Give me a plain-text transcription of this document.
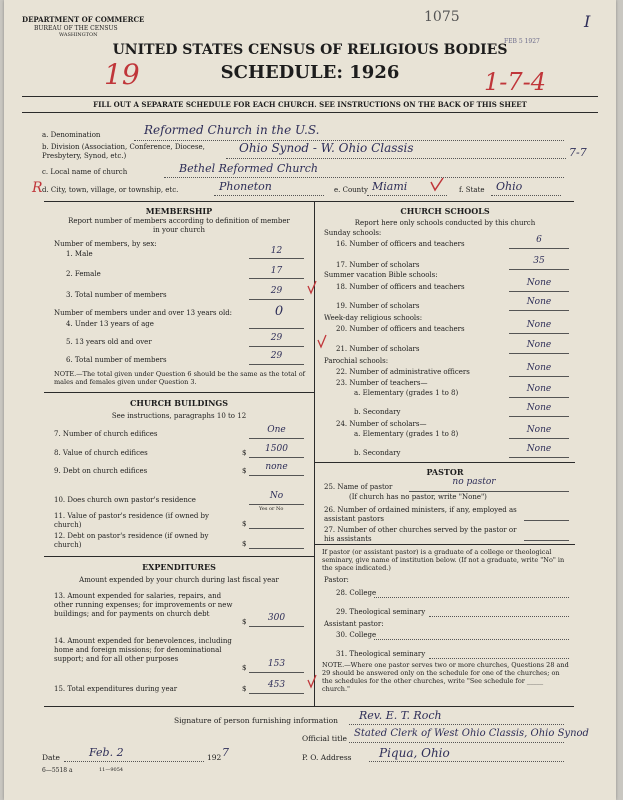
DEPARTMENT OF COMMERCE
BUREAU OF THE CENSUS
WASHINGTON
1075	I
FEB 5 1927
UNITED STATES CENSUS OF RELIGIOUS BODIES
SCHEDULE: 1926
19	1-7-4
FILL OUT A SEPARATE SCHEDULE FOR EACH CHURCH. SEE INSTRUCTIONS ON THE BACK OF THIS SHEET
a. Denomination	Reformed Church in the U.S.
b. Division (Association, Conference, Diocese, Presbytery, Synod, etc.)
Ohio Synod - W. Ohio Classis	7-7
c. Local name of church	Bethel Reformed Church
R d. City, town, village, or township, etc.	Phoneton	e. County Miami	f. State Ohio
MEMBERSHIP
Report number of members according to definition of member in your church
Number of members, by sex:
1. Male	12
2. Female	17
3. Total number of members	29
Number of members under and over 13 years old:	0
4. Under 13 years of age
5. 13 years old and over	29
6. Total number of members	29
NOTE.—The total given under Question 6 should be the same as the total of males and females given under Question 3.
CHURCH BUILDINGS
See instructions, paragraphs 10 to 12
7. Number of church edifices	One
8. Value of church edifices	$	1500
9. Debt on church edifices	$	none
10. Does church own pastor's residence	No
Yes or No
11. Value of pastor's residence (if owned by church)	$
12. Debt on pastor's residence (if owned by church)	$
EXPENDITURES
Amount expended by your church during last fiscal year
13. Amount expended for salaries, repairs, and other running expenses; for improvements or new buildings; and for payments on church debt
$	300
14. Amount expended for benevolences, including home and foreign missions; for denominational support; and for all other purposes
$	153
15. Total expenditures during year	$	453
CHURCH SCHOOLS
Report here only schools conducted by this church
Sunday schools:
16. Number of officers and teachers	6
17. Number of scholars	35
Summer vacation Bible schools:
18. Number of officers and teachers	None
19. Number of scholars	None
Week-day religious schools:
20. Number of officers and teachers	None
21. Number of scholars	None
Parochial schools:
22. Number of administrative officers	None
23. Number of teachers—
a. Elementary (grades 1 to 8)	None
b. Secondary	None
24. Number of scholars—
a. Elementary (grades 1 to 8)	None
b. Secondary	None
PASTOR
25. Name of pastor	no pastor
(If church has no pastor, write "None")
26. Number of ordained ministers, if any, employed as assistant pastors
27. Number of other churches served by the pastor or his assistants
If pastor (or assistant pastor) is a graduate of a college or theological seminary, give name of institution below. (If not a graduate, write "No" in the space indicated.)
Pastor:
28. College
29. Theological seminary
Assistant pastor:
30. College
31. Theological seminary
NOTE.—Where one pastor serves two or more churches, Questions 28 and 29 should be answered only on the schedule for one of the churches; on the schedules for the other churches, write "See schedule for _____ church."
Signature of person furnishing information Rev. E. T. Roch
Official title Stated Clerk of West Ohio Classis, Ohio Synod
Date	Feb. 2	192 7	P. O. Address Piqua, Ohio
6—5518 a	11—9054
